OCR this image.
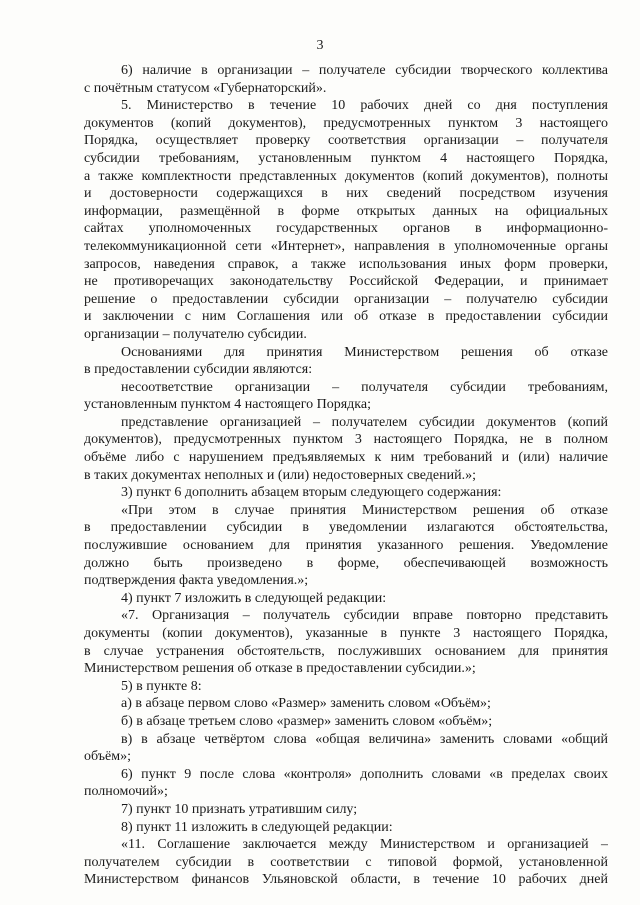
3
6) наличие в организации – получателе субсидии творческого коллектива
с почётным статусом «Губернаторский».
5. Министерство в течение 10 рабочих дней со дня поступления
документов (копий документов), предусмотренных пунктом 3 настоящего
Порядка, осуществляет проверку соответствия организации – получателя
субсидии требованиям, установленным пунктом 4 настоящего Порядка,
а также комплектности представленных документов (копий документов), полноты
и достоверности содержащихся в них сведений посредством изучения
информации, размещённой в форме открытых данных на официальных
сайтах уполномоченных государственных органов в информационно-
телекоммуникационной сети «Интернет», направления в уполномоченные органы
запросов, наведения справок, а также использования иных форм проверки,
не противоречащих законодательству Российской Федерации, и принимает
решение о предоставлении субсидии организации – получателю субсидии
и заключении с ним Соглашения или об отказе в предоставлении субсидии
организации – получателю субсидии.
Основаниями для принятия Министерством решения об отказе
в предоставлении субсидии являются:
несоответствие организации – получателя субсидии требованиям,
установленным пунктом 4 настоящего Порядка;
представление организацией – получателем субсидии документов (копий
документов), предусмотренных пунктом 3 настоящего Порядка, не в полном
объёме либо с нарушением предъявляемых к ним требований и (или) наличие
в таких документах неполных и (или) недостоверных сведений.»;
3) пункт 6 дополнить абзацем вторым следующего содержания:
«При этом в случае принятия Министерством решения об отказе
в предоставлении субсидии в уведомлении излагаются обстоятельства,
послужившие основанием для принятия указанного решения. Уведомление
должно быть произведено в форме, обеспечивающей возможность
подтверждения факта уведомления.»;
4) пункт 7 изложить в следующей редакции:
«7. Организация – получатель субсидии вправе повторно представить
документы (копии документов), указанные в пункте 3 настоящего Порядка,
в случае устранения обстоятельств, послуживших основанием для принятия
Министерством решения об отказе в предоставлении субсидии.»;
5) в пункте 8:
а) в абзаце первом слово «Размер» заменить словом «Объём»;
б) в абзаце третьем слово «размер» заменить словом «объём»;
в) в абзаце четвёртом слова «общая величина» заменить словами «общий
объём»;
6) пункт 9 после слова «контроля» дополнить словами «в пределах своих
полномочий»;
7) пункт 10 признать утратившим силу;
8) пункт 11 изложить в следующей редакции:
«11. Соглашение заключается между Министерством и организацией –
получателем субсидии в соответствии с типовой формой, установленной
Министерством финансов Ульяновской области, в течение 10 рабочих дней
